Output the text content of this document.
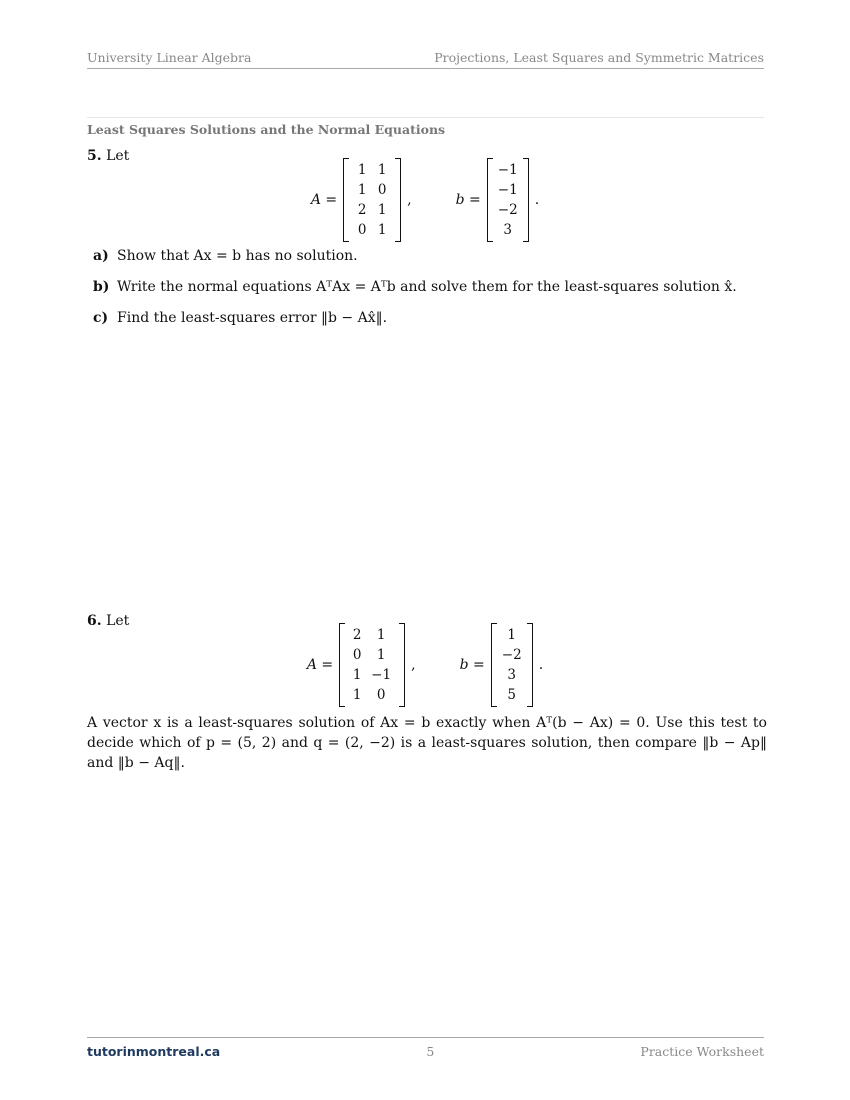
University Linear Algebra	Projections, Least Squares and Symmetric Matrices
Least Squares Solutions and the Normal Equations
5. Let
A =
1 1
1 0
2 1
0 1
,	b =
−1
−1
−2
3
.
a) Show that Ax = b has no solution.
b) Write the normal equations AᵀAx = Aᵀb and solve them for the least-squares solution x̂.
c) Find the least-squares error ‖b − Ax̂‖.
6. Let
A =
2	1
0	1
1 −1
1	0
,	b =
1
−2
3
5
.
A vector x is a least-squares solution of Ax = b exactly when Aᵀ(b − Ax) = 0. Use this test to decide which of p = (5, 2) and q = (2, −2) is a least-squares solution, then compare ‖b − Ap‖ and ‖b − Aq‖.
tutorinmontreal.ca	5	Practice Worksheet
